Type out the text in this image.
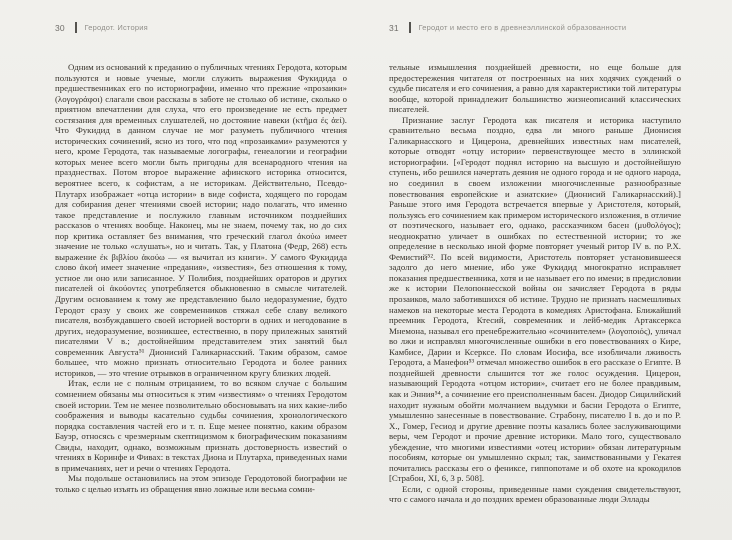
30	Геродот. История

Одним из оснований к преданию о публичных чтениях Геродота, которым пользуются и новые ученые, могли служить выражения Фукидида о предшественниках его по историографии, именно что прежние «прозаики» (λογογράφοι) слагали свои рассказы в заботе не столько об истине, сколько о приятном впечатлении для слуха, что его произведение не есть предмет состязания для временных слушателей, но достояние навеки (κτῆμα ἐς ἀεί). Что Фукидид в данном случае не мог разуметь публичного чтения исторических сочинений, ясно из того, что под «прозаиками» разумеются у него, кроме Геродота, так называемые логографы, генеалогии и географии которых менее всего могли быть пригодны для всенародного чтения на празднествах. Потом второе выражение афинского историка относится, вероятнее всего, к софистам, а не историкам. Действительно, Псевдо-Плутарх изображает «отца истории» в виде софиста, ходящего по городам для собирания денег чтениями своей истории; надо полагать, что именно такое представление и послужило главным источником позднейших рассказов о чтениях вообще. Наконец, мы не знаем, почему так, но до сих пор критика оставляет без внимания, что греческий глагол ἀκούω имеет значение не только «слушать», но и читать. Так, у Платона (Федр, 268) есть выражение ἐκ βιβλίου ἀκούω — «я вычитал из книги». У самого Фукидида слово ἀκοή имеет значение «предания», «известия», без отношения к тому, устное ли оно или записанное. У Полибия, позднейших ораторов и других писателей οἱ ἀκούοντες употребляется обыкновенно в смысле читателей. Другим основанием к тому же представлению было недоразумение, будто Геродот сразу у своих же современников стяжал себе славу великого писателя, возбуждавшего своей историей восторги в одних и негодование в других, недоразумение, возникшее, естественно, в пору прилежных занятий писателями V в.; достойнейшим представителем этих занятий был современник Августа⁵¹ Дионисий Галикарнасский. Таким образом, самое большее, что можно признать относительно Геродота и более ранних историков, — это чтение отрывков в ограниченном кругу близких людей.

Итак, если не с полным отрицанием, то во всяком случае с большим сомнением обязаны мы относиться к этим «известиям» о чтениях Геродотом своей истории. Тем не менее позволительно обосновывать на них какие-либо соображения и выводы касательно судьбы сочинения, хронологического порядка составления частей его и т. п. Еще менее понятно, каким образом Бауэр, относясь с чрезмерным скептицизмом к биографическим показаниям Свиды, находит, однако, возможным признать достоверность известий о чтениях в Коринфе и Фивах: в текстах Диона и Плутарха, приведенных нами в примечаниях, нет и речи о чтениях Геродота.

Мы подольше остановились на этом эпизоде Геродотовой биографии не только с целью изъять из обращения явно ложные или весьма сомни-

31	Геродот и место его в древнеэллинской образованности

тельные измышления позднейшей древности, но еще больше для предостережения читателя от построенных на них ходячих суждений о судьбе писателя и его сочинения, а равно для характеристики той литературы вообще, которой принадлежит большинство жизнеописаний классических писателей.

Признание заслуг Геродота как писателя и историка наступило сравнительно весьма поздно, едва ли много раньше Дионисия Галикарнасского и Цицерона, древнейших известных нам писателей, которые отводят «отцу истории» первенствующее место в эллинской историографии. [«Геродот поднял историю на высшую и достойнейшую ступень, ибо решился начертать деяния не одного города и не одного народа, но соединил в своем изложении многочисленные разнообразные повествования европейские и азиатские» (Дионисий Галикарнасский).] Раньше этого имя Геродота встречается впервые у Аристотеля, который, пользуясь его сочинением как примером исторического изложения, в отличие от поэтического, называет его, однако, рассказчиком басен (μυθολόγος); неоднократно уличает в ошибках по естественной истории; то же определение в несколько иной форме повторяет ученый ритор IV в. по Р.Х. Фемистий⁵². По всей видимости, Аристотель повторяет установившееся задолго до него мнение, ибо уже Фукидид многократно исправляет показания предшественника, хотя и не называет его по имени; в предисловии же к истории Пелопоннесской войны он зачисляет Геродота в ряды прозаиков, мало заботившихся об истине. Трудно не признать насмешливых намеков на некоторые места Геродота в комедиях Аристофана. Ближайший преемник Геродота, Ктесий, современник и лейб-медик Артаксеркса Мнемона, называл его пренебрежительно «сочинителем» (λογοποιός), уличал во лжи и исправлял многочисленные ошибки в его повествованиях о Кире, Камбисе, Дарии и Ксерксе. По словам Иосифа, все изобличали лживость Геродота, а Манефон⁵³ отмечал множество ошибок в его рассказе о Египте. В позднейшей древности слышится тот же голос осуждения. Цицерон, называющий Геродота «отцом истории», считает его не более правдивым, как и Энния⁵⁴, а сочинение его преисполненным басен. Диодор Сицилийский находит нужным обойти молчанием выдумки и басни Геродота о Египте, умышленно занесенные в повествование. Страбону, писателю I в. до и по Р. Х., Гомер, Гесиод и другие древние поэты казались более заслуживающими веры, чем Геродот и прочие древние историки. Мало того, существовало убеждение, что многими известиями «отец истории» обязан литературным пособиям, которые он умышленно скрыл; так, заимствованными у Гекатея почитались рассказы его о фениксе, гиппопотаме и об охоте на крокодилов [Страбон, XI, 6, 3 p. 508].

Если, с одной стороны, приведенные нами суждения свидетельствуют, что с самого начала и до поздних времен образованные люди Эллады
